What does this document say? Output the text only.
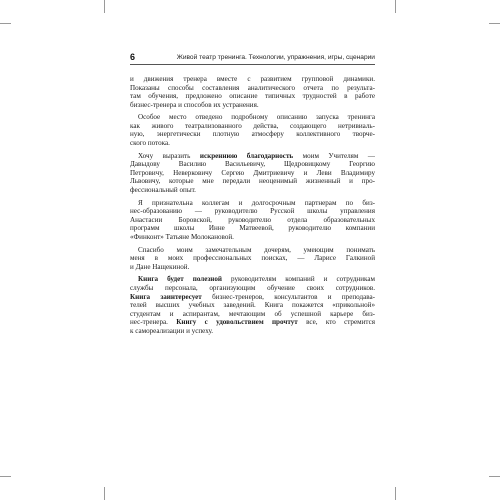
6	Живой театр тренинга. Технологии, упражнения, игры, сценарии
и движения тренера вместе с развитием групповой динамики.
Показаны способы составления аналитического отчета по результа-
там обучения, предложено описание типичных трудностей в работе
бизнес-тренера и способов их устранения.
Особое место отведено подробному описанию запуска тренинга
как живого театрализованного действа, создающего нетривиаль-
ную, энергетически плотную атмосферу коллективного творче-
ского потока.
Хочу выразить искреннюю благодарность моим Учителям —
Давыдову Василию Васильевичу, Щедровицкому Георгию
Петровичу, Неверковичу Сергею Дмитриевичу и Леви Владимиру
Львовичу, которые мне передали неоценимый жизненный и про-
фессиональный опыт.
Я признательна коллегам и долгосрочным партнерам по биз-
нес-образованию — руководителю Русской школы управления
Анастасии Боровской, руководителю отдела образовательных
программ школы Инне Матвеевой, руководителю компании
«Финконт» Татьяне Молокановой.
Спасибо моим замечательным дочерям, умеющим понимать
меня в моих профессиональных поисках, — Ларисе Галкиной
и Дане Нащекиной.
Книга будет полезной руководителям компаний и сотрудникам
службы персонала, организующим обучение своих сотрудников.
Книга заинтересует бизнес-тренеров, консультантов и преподава-
телей высших учебных заведений. Книга покажется «прикольной»
студентам и аспирантам, мечтающим об успешной карьере биз-
нес-тренера. Книгу с удовольствием прочтут все, кто стремится
к самореализации и успеху.
